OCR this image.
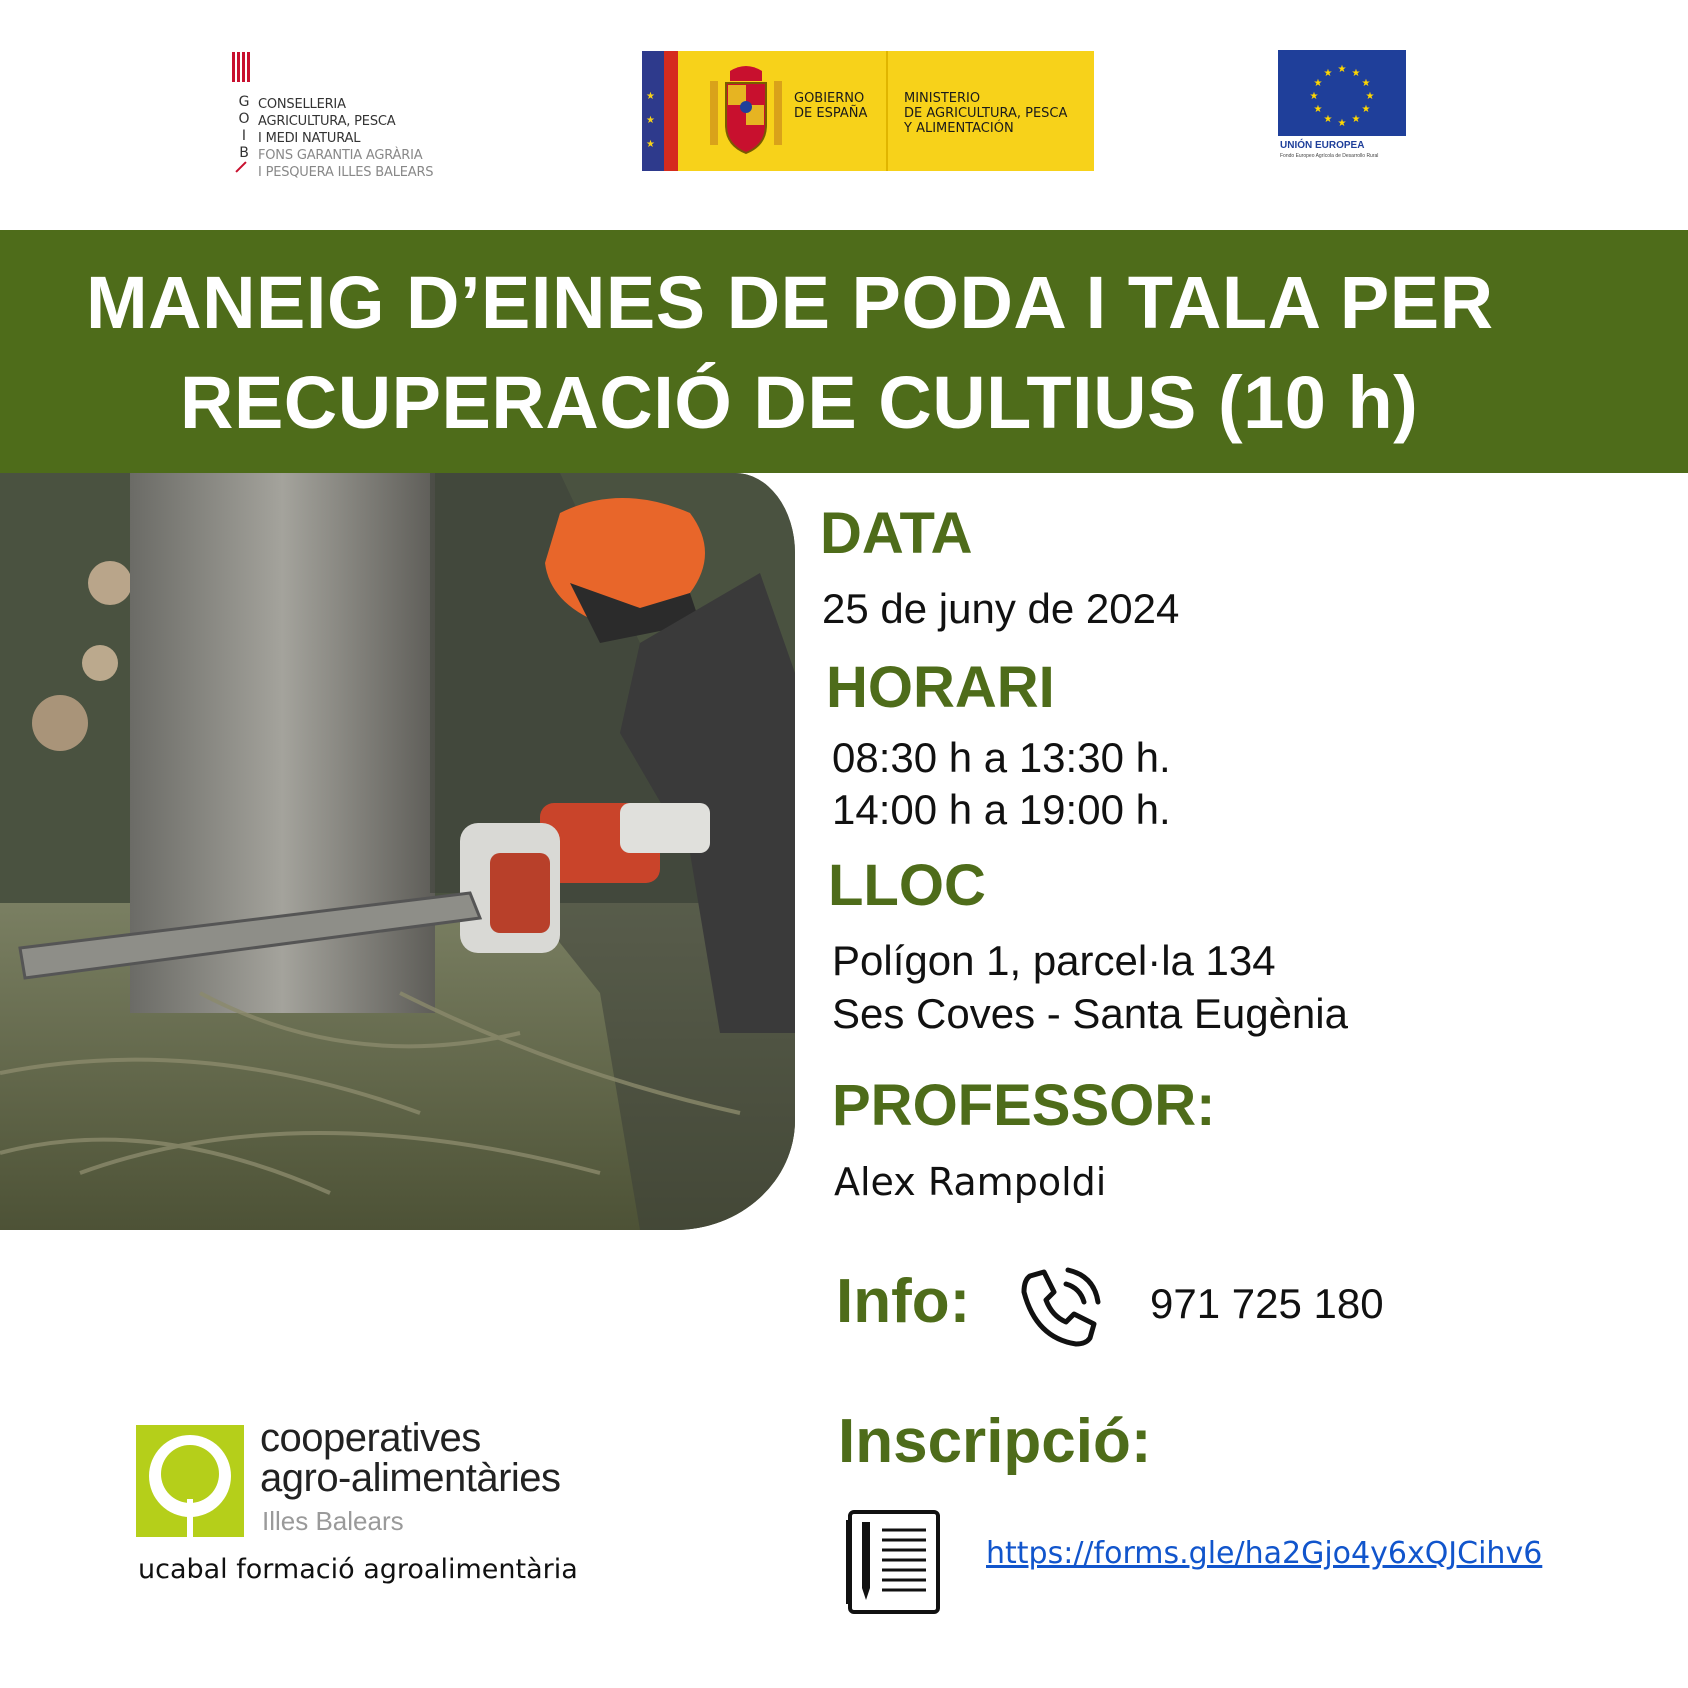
G
O
I
B
CONSELLERIA
AGRICULTURA, PESCA
I MEDI NATURAL
FONS GARANTIA AGRÀRIA
I PESQUERA ILLES BALEARS
★
★
★
GOBIERNO
DE ESPAÑA
MINISTERIO
DE AGRICULTURA, PESCA
Y ALIMENTACIÓN
★ ★
★
★
★
★
★
★
★
★
★
★
UNIÓN EUROPEA
Fondo Europeo Agrícola de Desarrollo Rural
MANEIG D’EINES DE PODA I TALA PER
RECUPERACIÓ DE CULTIUS (10 h)
DATA
25 de juny de 2024
HORARI
08:30 h a 13:30 h.
14:00 h a 19:00 h.
LLOC
Polígon 1, parcel·la 134
Ses Coves - Santa Eugènia
PROFESSOR:
Alex Rampoldi
Info:	971 725 180
Inscripció:
https://forms.gle/ha2Gjo4y6xQJCihv6
cooperatives
agro-alimentàries
Illes Balears
ucabal formació agroalimentària
